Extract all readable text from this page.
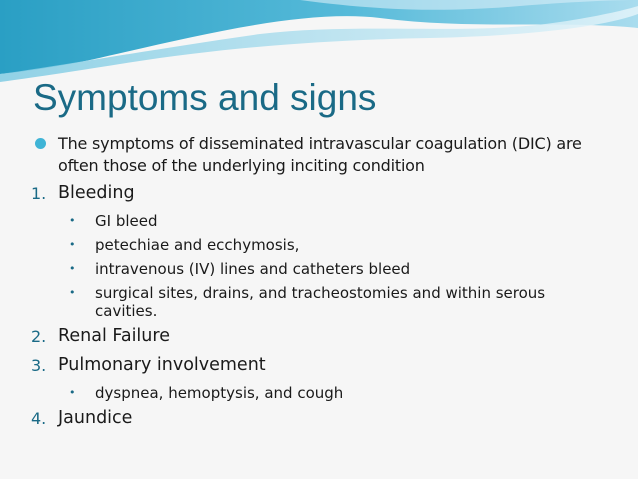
Symptoms and signs
The symptoms of disseminated intravascular coagulation (DIC) are often those of the underlying inciting condition
1. Bleeding
• GI bleed
• petechiae and ecchymosis,
• intravenous (IV) lines and catheters bleed
• surgical sites, drains, and tracheostomies and within serous cavities.
2. Renal Failure
3. Pulmonary involvement
• dyspnea, hemoptysis, and cough
4. Jaundice
